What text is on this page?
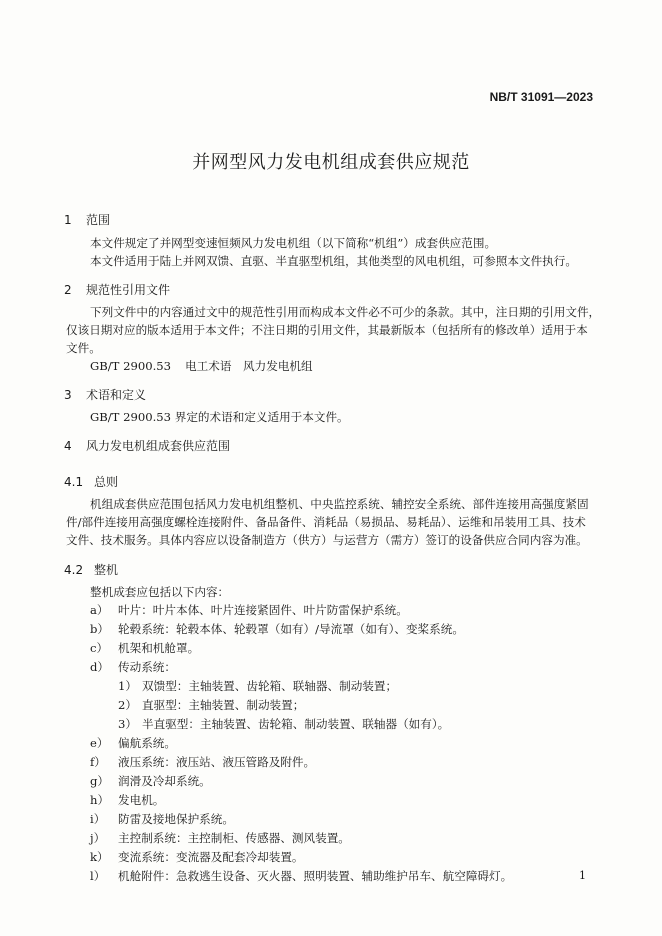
NB/T 31091—2023
并网型风力发电机组成套供应规范
1 范围
本文件规定了并网型变速恒频风力发电机组（以下简称“机组”）成套供应范围。
本文件适用于陆上并网双馈、直驱、半直驱型机组，其他类型的风电机组，可参照本文件执行。
2 规范性引用文件
下列文件中的内容通过文中的规范性引用而构成本文件必不可少的条款。其中，注日期的引用文件，
仅该日期对应的版本适用于本文件；不注日期的引用文件，其最新版本（包括所有的修改单）适用于本
文件。
GB/T 2900.53 电工术语　风力发电机组
3 术语和定义
GB/T 2900.53 界定的术语和定义适用于本文件。
4 风力发电机组成套供应范围
4.1 总则
机组成套供应范围包括风力发电机组整机、中央监控系统、辅控安全系统、部件连接用高强度紧固
件/部件连接用高强度螺栓连接附件、备品备件、消耗品（易损品、易耗品）、运维和吊装用工具、技术
文件、技术服务。具体内容应以设备制造方（供方）与运营方（需方）签订的设备供应合同内容为准。
4.2 整机
整机成套应包括以下内容：
a） 叶片：叶片本体、叶片连接紧固件、叶片防雷保护系统。
b） 轮毂系统：轮毂本体、轮毂罩（如有）/导流罩（如有）、变桨系统。
c） 机架和机舱罩。
d） 传动系统：
1） 双馈型：主轴装置、齿轮箱、联轴器、制动装置；
2） 直驱型：主轴装置、制动装置；
3） 半直驱型：主轴装置、齿轮箱、制动装置、联轴器（如有）。
e） 偏航系统。
f） 液压系统：液压站、液压管路及附件。
g） 润滑及冷却系统。
h） 发电机。
i） 防雷及接地保护系统。
j） 主控制系统：主控制柜、传感器、测风装置。
k） 变流系统：变流器及配套冷却装置。
l） 机舱附件：急救逃生设备、灭火器、照明装置、辅助维护吊车、航空障碍灯。	1
